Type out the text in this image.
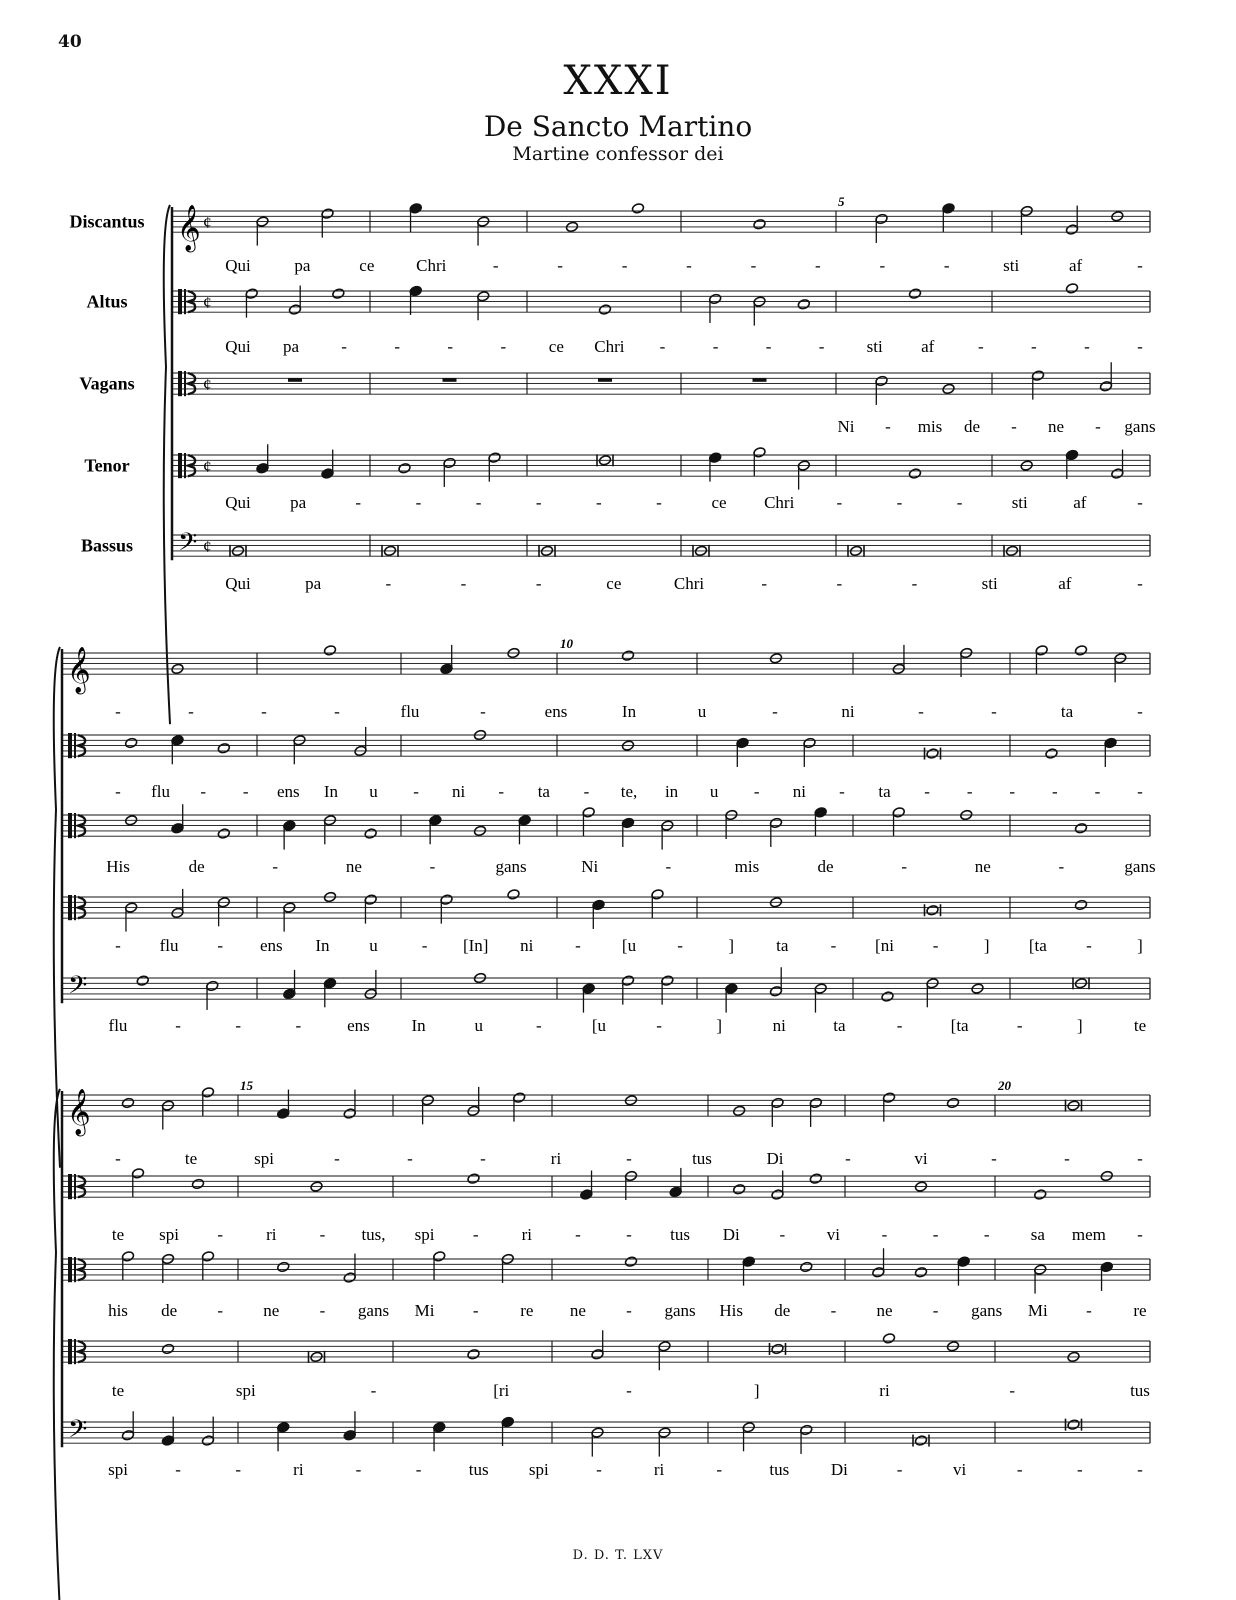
40
XXXI
De Sancto Martino
Martine confessor dei
Discantus
Altus
Vagans
Tenor
Bassus
𝄞 ¢
¢
¢
¢
𝄢 ¢
5
Qui	pa	ce Chri	-	-	-	-	-	-	-	-	sti	af	-
Qui pa -	-	-	-	ce Chri -	-	-	- sti af	-	-	-	-
Ni - mis de - ne - gans
Qui pa	-	-	-	-	-	-	ce Chri -	-	-	sti	af	-
Qui	pa	-	-	-	ce	Chri	-	-	-	sti	af	-
𝄞
𝄢
10
-	-	-	-	flu	-	ens	In	u	-	ni	-	-	ta	-
- flu - - ens In u - ni - ta - te, in u - ni - ta - - - - - -
His	de	-	ne	-	gans	Ni	-	mis	de	-	ne	-	gans
- flu - ens In u	- [In] ni - [u -	] ta - [ni -	] [ta -	]
flu	-	-	-	ens In	u	-	[u	-	]	ni	ta	-	[ta	-	]	te
𝄞
𝄢
15	20
-	te	spi	-	-	-	ri	-	tus	Di	-	vi	-	-	-
te spi -	ri	- tus, spi -	ri	-	- tus Di - vi -	-	- sa mem -
his de - ne - gans Mi - re ne - gans His de - ne - gans Mi - re
te	spi	-	[ri	-	]	ri	-	tus
spi	-	-	ri	-	-	tus spi	-	ri	-	tus Di	-	vi	-	-	-
D. D. T. LXV
